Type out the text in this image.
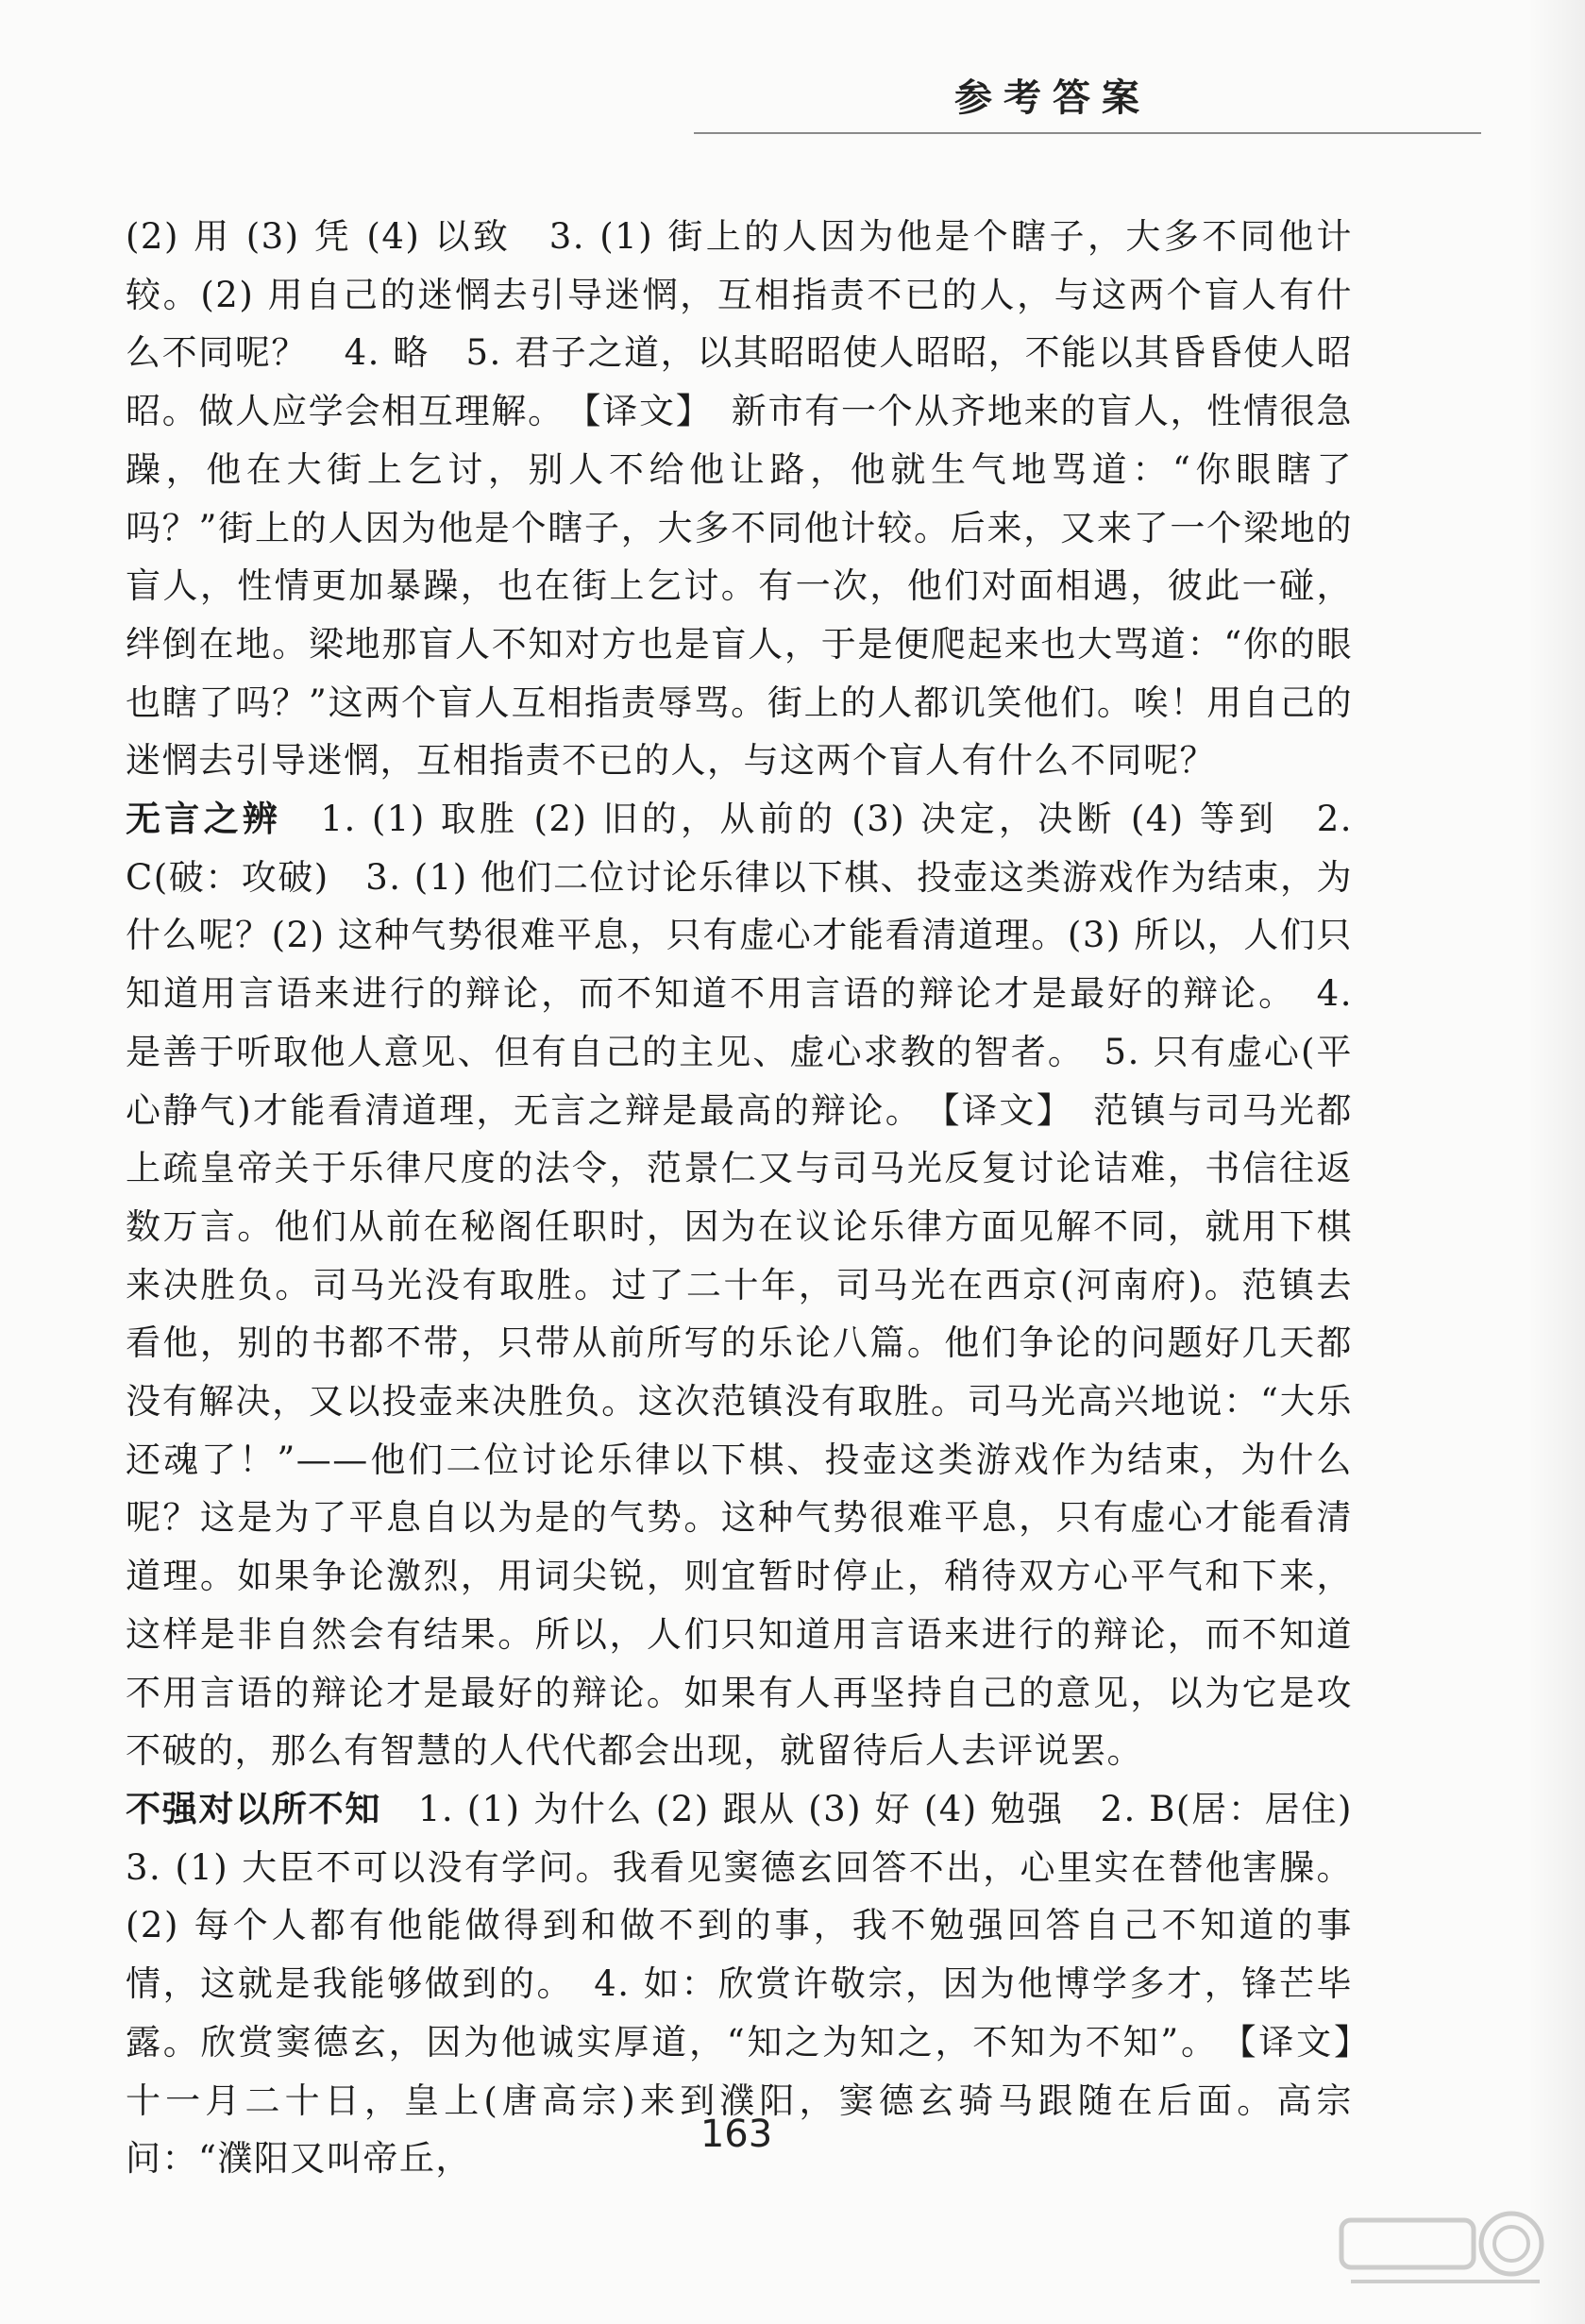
参考答案

(2) 用 (3) 凭 (4) 以致　3. (1) 街上的人因为他是个瞎子，大多不同他计较。(2) 用自己的迷惘去引导迷惘，互相指责不已的人，与这两个盲人有什么不同呢？　4. 略　5. 君子之道，以其昭昭使人昭昭，不能以其昏昏使人昭昭。做人应学会相互理解。　【译文】　新市有一个从齐地来的盲人，性情很急躁，他在大街上乞讨，别人不给他让路，他就生气地骂道：“你眼瞎了吗？”街上的人因为他是个瞎子，大多不同他计较。后来，又来了一个梁地的盲人，性情更加暴躁，也在街上乞讨。有一次，他们对面相遇，彼此一碰，绊倒在地。梁地那盲人不知对方也是盲人，于是便爬起来也大骂道：“你的眼也瞎了吗？”这两个盲人互相指责辱骂。街上的人都讥笑他们。唉！用自己的迷惘去引导迷惘，互相指责不已的人，与这两个盲人有什么不同呢？

无言之辨　1. (1) 取胜 (2) 旧的，从前的 (3) 决定，决断 (4) 等到　2. C(破：攻破)　3. (1) 他们二位讨论乐律以下棋、投壶这类游戏作为结束，为什么呢？(2) 这种气势很难平息，只有虚心才能看清道理。(3) 所以，人们只知道用言语来进行的辩论，而不知道不用言语的辩论才是最好的辩论。　4. 是善于听取他人意见、但有自己的主见、虚心求教的智者。　5. 只有虚心(平心静气)才能看清道理，无言之辩是最高的辩论。　【译文】　范镇与司马光都上疏皇帝关于乐律尺度的法令，范景仁又与司马光反复讨论诘难，书信往返数万言。他们从前在秘阁任职时，因为在议论乐律方面见解不同，就用下棋来决胜负。司马光没有取胜。过了二十年，司马光在西京(河南府)。范镇去看他，别的书都不带，只带从前所写的乐论八篇。他们争论的问题好几天都没有解决，又以投壶来决胜负。这次范镇没有取胜。司马光高兴地说：“大乐还魂了！”——他们二位讨论乐律以下棋、投壶这类游戏作为结束，为什么呢？这是为了平息自以为是的气势。这种气势很难平息，只有虚心才能看清道理。如果争论激烈，用词尖锐，则宜暂时停止，稍待双方心平气和下来，这样是非自然会有结果。所以，人们只知道用言语来进行的辩论，而不知道不用言语的辩论才是最好的辩论。如果有人再坚持自己的意见，以为它是攻不破的，那么有智慧的人代代都会出现，就留待后人去评说罢。

不强对以所不知　1. (1) 为什么 (2) 跟从 (3) 好 (4) 勉强　2. B(居：居住)　3. (1) 大臣不可以没有学问。我看见窦德玄回答不出，心里实在替他害臊。(2) 每个人都有他能做得到和做不到的事，我不勉强回答自己不知道的事情，这就是我能够做到的。　4. 如：欣赏许敬宗，因为他博学多才，锋芒毕露。欣赏窦德玄，因为他诚实厚道，“知之为知之，不知为不知”。　【译文】　十一月二十日，皇上(唐高宗)来到濮阳，窦德玄骑马跟随在后面。高宗问：“濮阳又叫帝丘，

163
